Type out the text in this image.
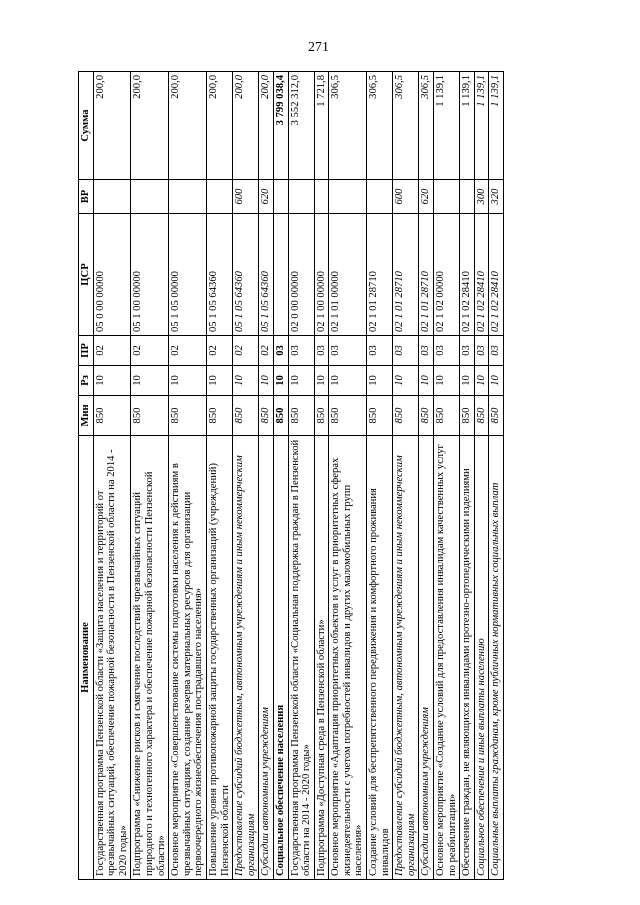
271
Наименование	Мин	Рз	ПР	ЦСР	ВР	Сумма
Государственная программа Пензенской области «Защита населения и территорий от чрезвычайных ситуаций, обеспечение пожарной безопасности в Пензенской области на 2014 - 2020 годы»	850	10	02	05 0 00 00000		200,0
Подпрограмма «Снижение рисков и смягчение последствий чрезвычайных ситуаций природного и техногенного характера и обеспечение пожарной безопасности Пензенской области»	850	10	02	05 1 00 00000		200,0
Основное мероприятие «Совершенствование системы подготовки населения к действиям в чрезвычайных ситуациях, создание резерва материальных ресурсов для организации первоочередного жизнеобеспечения пострадавшего населения»	850	10	02	05 1 05 00000		200,0
Повышение уровня противопожарной защиты государственных организаций (учреждений) Пензенской области	850	10	02	05 1 05 64360		200,0
Предоставление субсидий бюджетным, автономным учреждениям и иным некоммерческим организациям	850	10	02	05 1 05 64360	600	200,0
Субсидии автономным учреждениям	850	10	02	05 1 05 64360	620	200,0
Социальное обеспечение населения	850	10	03			3 799 038,4
Государственная программа Пензенской области «Социальная поддержка граждан в Пензенской области на 2014 - 2020 годы»	850	10	03	02 0 00 00000		3 552 312,0
Подпрограмма «Доступная среда в Пензенской области»	850	10	03	02 1 00 00000		1 721,8
Основное мероприятие «Адаптация приоритетных объектов и услуг в приоритетных сферах жизнедеятельности с учетом потребностей инвалидов и других маломобильных групп населения»	850	10	03	02 1 01 00000		306,5
Создание условий для беспрепятственного передвижения и комфортного проживания инвалидов	850	10	03	02 1 01 28710		306,5
Предоставление субсидий бюджетным, автономным учреждениям и иным некоммерческим организациям	850	10	03	02 1 01 28710	600	306,5
Субсидии автономным учреждениям	850	10	03	02 1 01 28710	620	306,5
Основное мероприятие «Создание условий для предоставления инвалидам качественных услуг по реабилитации»	850	10	03	02 1 02 00000		1 139,1
Обеспечение граждан, не являющихся инвалидами протезно-ортопедическими изделиями	850	10	03	02 1 02 28410		1 139,1
Социальное обеспечение и иные выплаты населению	850	10	03	02 1 02 28410	300	1 139,1
Социальные выплаты гражданам, кроме публичных нормативных социальных выплат	850	10	03	02 1 02 28410	320	1 139,1
